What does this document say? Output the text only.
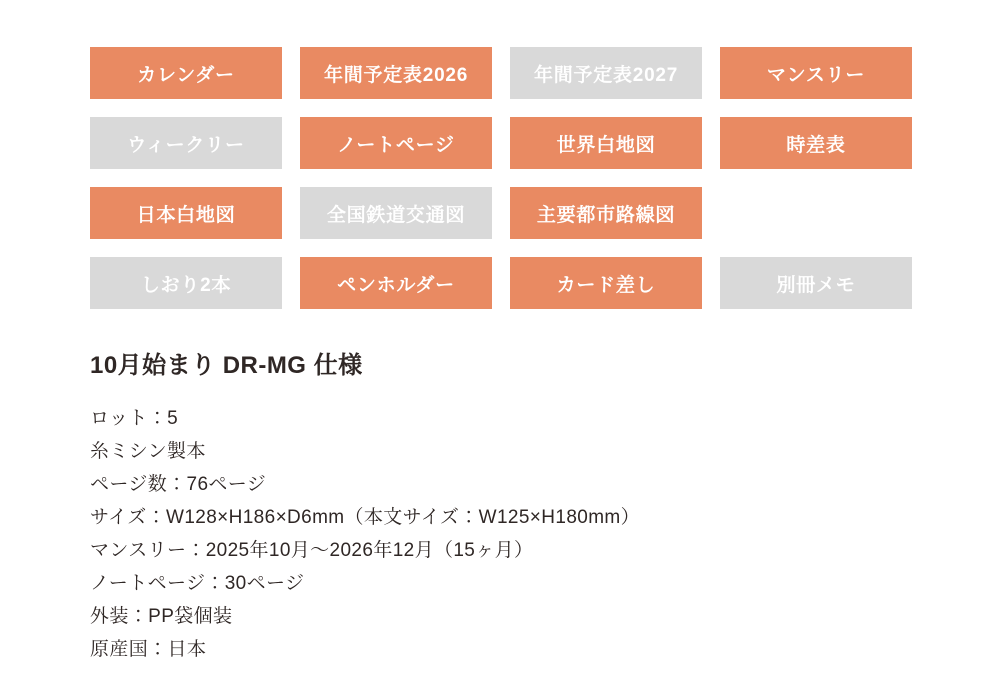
カレンダー	年間予定表2026	年間予定表2027	マンスリー
ウィークリー	ノートページ	世界白地図	時差表
日本白地図	全国鉄道交通図	主要都市路線図
しおり2本	ペンホルダー	カード差し	別冊メモ
10月始まり DR-MG 仕様

ロット：5

糸ミシン製本

ページ数：76ページ

サイズ：W128×H186×D6mm（本文サイズ：W125×H180mm）

マンスリー：2025年10月～2026年12月（15ヶ月）

ノートページ：30ページ

外装：PP袋個装

原産国：日本
